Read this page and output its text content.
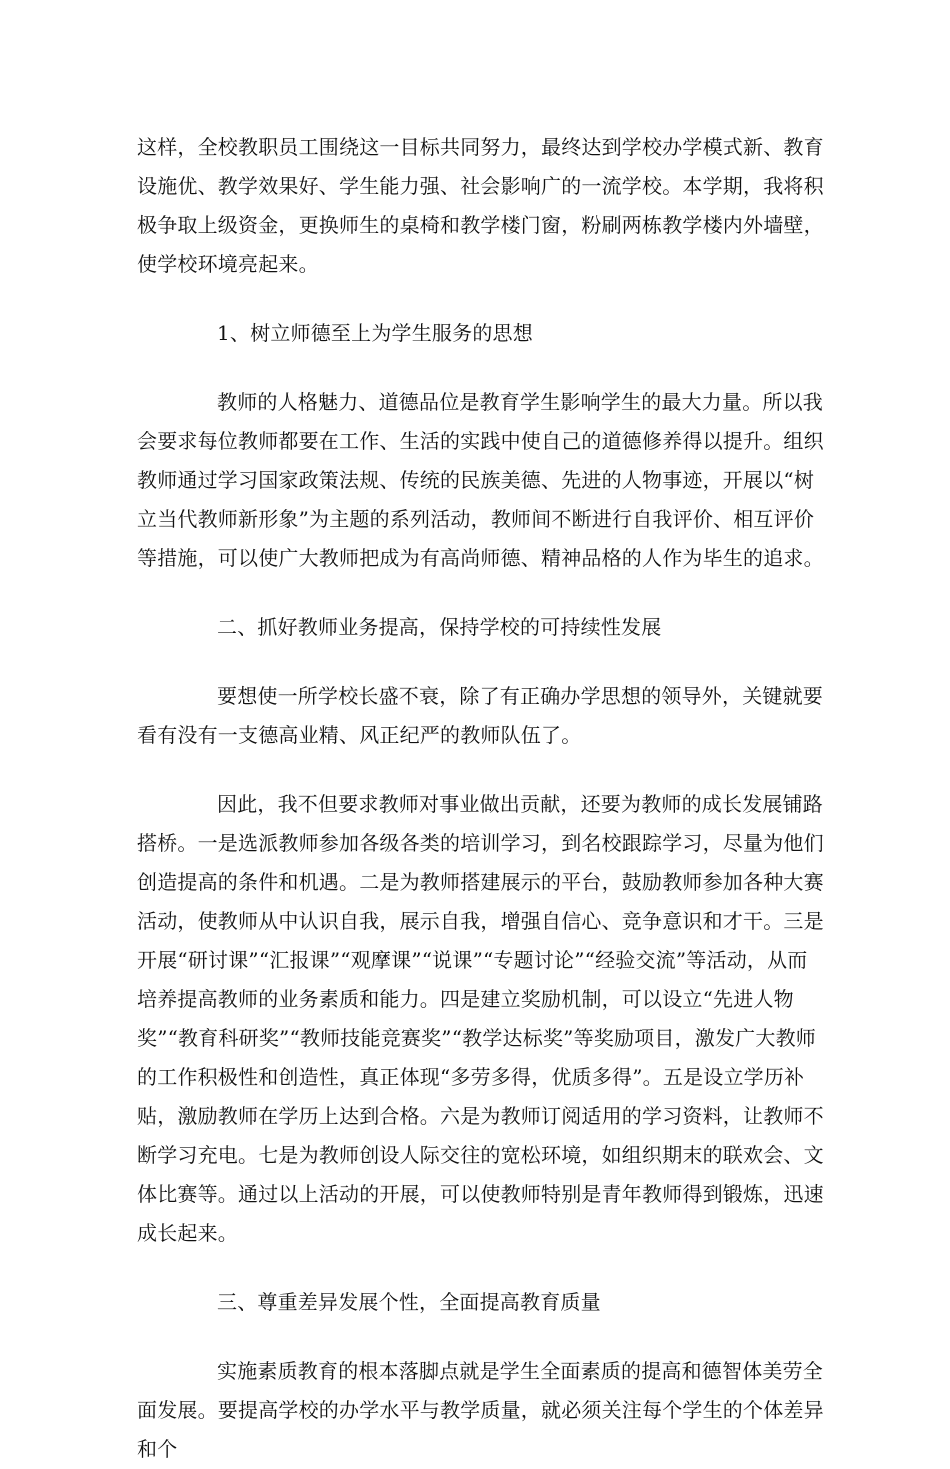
这样，全校教职员工围绕这一目标共同努力，最终达到学校办学模式新、教育设施优、教学效果好、学生能力强、社会影响广的一流学校。本学期，我将积极争取上级资金，更换师生的桌椅和教学楼门窗，粉刷两栋教学楼内外墙壁，使学校环境亮起来。

1、树立师德至上为学生服务的思想

教师的人格魅力、道德品位是教育学生影响学生的最大力量。所以我会要求每位教师都要在工作、生活的实践中使自己的道德修养得以提升。组织教师通过学习国家政策法规、传统的民族美德、先进的人物事迹，开展以“树立当代教师新形象”为主题的系列活动，教师间不断进行自我评价、相互评价等措施，可以使广大教师把成为有高尚师德、精神品格的人作为毕生的追求。

二、抓好教师业务提高，保持学校的可持续性发展

要想使一所学校长盛不衰，除了有正确办学思想的领导外，关键就要看有没有一支德高业精、风正纪严的教师队伍了。

因此，我不但要求教师对事业做出贡献，还要为教师的成长发展铺路搭桥。一是选派教师参加各级各类的培训学习，到名校跟踪学习，尽量为他们创造提高的条件和机遇。二是为教师搭建展示的平台，鼓励教师参加各种大赛活动，使教师从中认识自我，展示自我，增强自信心、竞争意识和才干。三是开展“研讨课”“汇报课”“观摩课”“说课”“专题讨论”“经验交流”等活动，从而培养提高教师的业务素质和能力。四是建立奖励机制，可以设立“先进人物奖”“教育科研奖”“教师技能竞赛奖”“教学达标奖”等奖励项目，激发广大教师的工作积极性和创造性，真正体现“多劳多得，优质多得”。五是设立学历补贴，激励教师在学历上达到合格。六是为教师订阅适用的学习资料，让教师不断学习充电。七是为教师创设人际交往的宽松环境，如组织期末的联欢会、文体比赛等。通过以上活动的开展，可以使教师特别是青年教师得到锻炼，迅速成长起来。

三、尊重差异发展个性，全面提高教育质量

实施素质教育的根本落脚点就是学生全面素质的提高和德智体美劳全面发展。要提高学校的办学水平与教学质量，就必须关注每个学生的个体差异和个
